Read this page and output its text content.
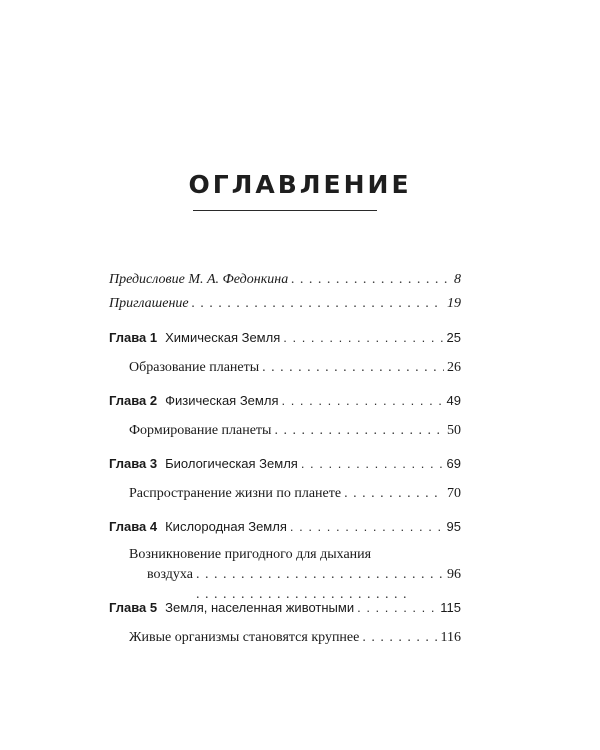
ОГЛАВЛЕНИЕ
Предисловие М. А. Федонкина . . .	8
Приглашение . . .	19
Глава 1 Химическая Земля . . .	25
Образование планеты . . .	26
Глава 2 Физическая Земля . . .	49
Формирование планеты . . .	50
Глава 3 Биологическая Земля . . .	69
Распространение жизни по планете . . .	70
Глава 4 Кислородная Земля . . .	95
Возникновение пригодного для дыхания
воздуха . . .	96
Глава 5 Земля, населенная животными . . .	115
Живые организмы становятся крупнее . . .	116
